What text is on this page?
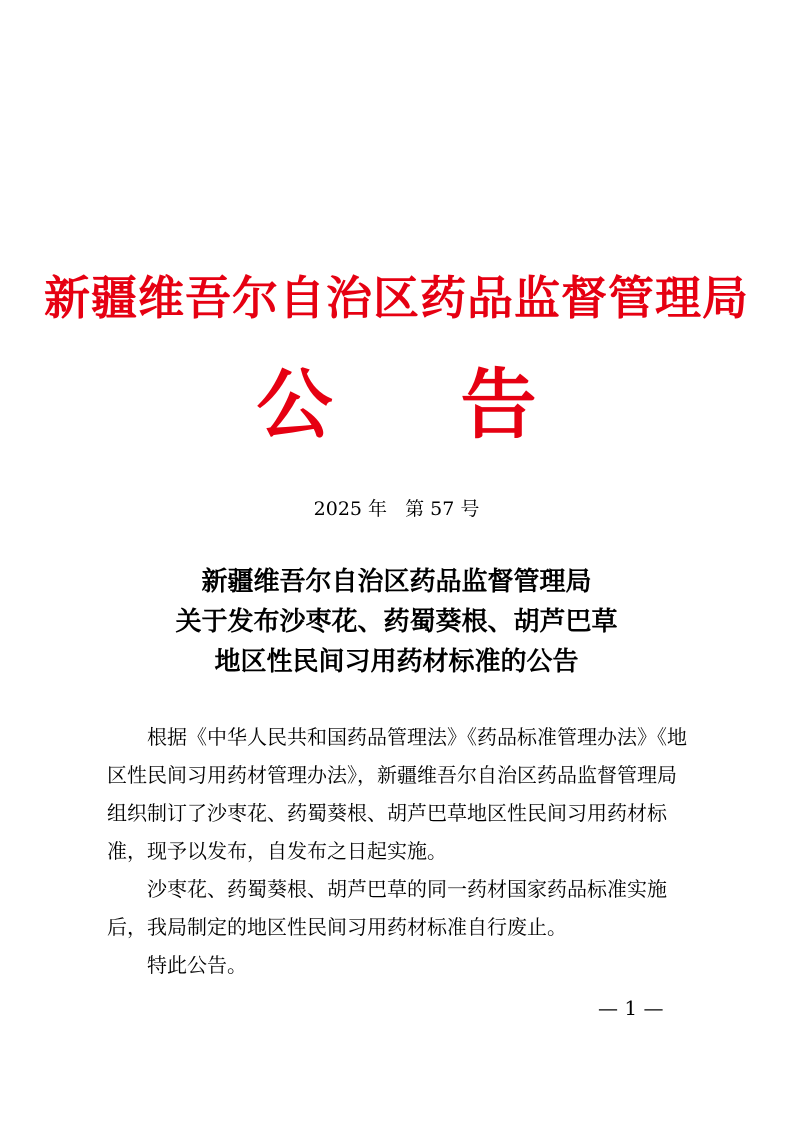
新疆维吾尔自治区药品监督管理局
公 告
2025 年 第 57 号
新疆维吾尔自治区药品监督管理局
关于发布沙枣花、药蜀葵根、胡芦巴草
地区性民间习用药材标准的公告
根据《中华人民共和国药品管理法》《药品标准管理办法》《地
区性民间习用药材管理办法》，新疆维吾尔自治区药品监督管理局
组织制订了沙枣花、药蜀葵根、胡芦巴草地区性民间习用药材标
准，现予以发布，自发布之日起实施。
沙枣花、药蜀葵根、胡芦巴草的同一药材国家药品标准实施
后，我局制定的地区性民间习用药材标准自行废止。
特此公告。
— 1 —
